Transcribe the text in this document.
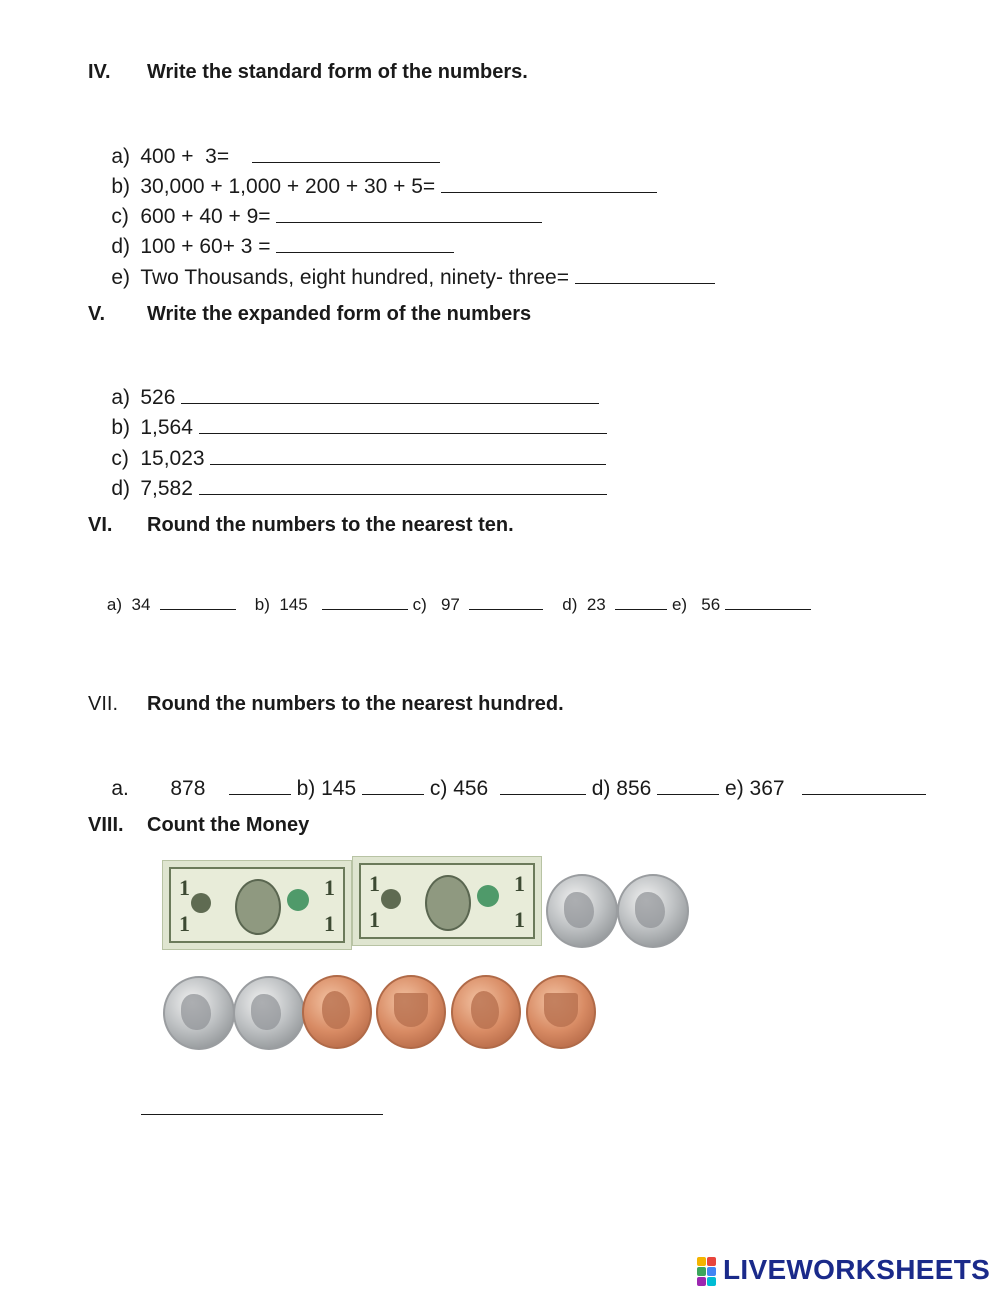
IV. Write the standard form of the numbers.

a) 400 +  3=

b) 30,000 + 1,000 + 200 + 30 + 5=

c) 600 + 40 + 9=

d) 100 + 60+ 3 =

e) Two Thousands, eight hundred, ninety- three=

V. Write the expanded form of the numbers

a) 526

b) 1,564

c) 15,023

d) 7,582

VI. Round the numbers to the nearest ten.

a) 34	b) 145	c) 97	d) 23	e) 56

VII. Round the numbers to the nearest hundred.

a. 878	b) 145	c) 456	d) 856	e) 367

VIII. Count the Money
1	1
1	1
1	1
1	1
LIVEWORKSHEETS
